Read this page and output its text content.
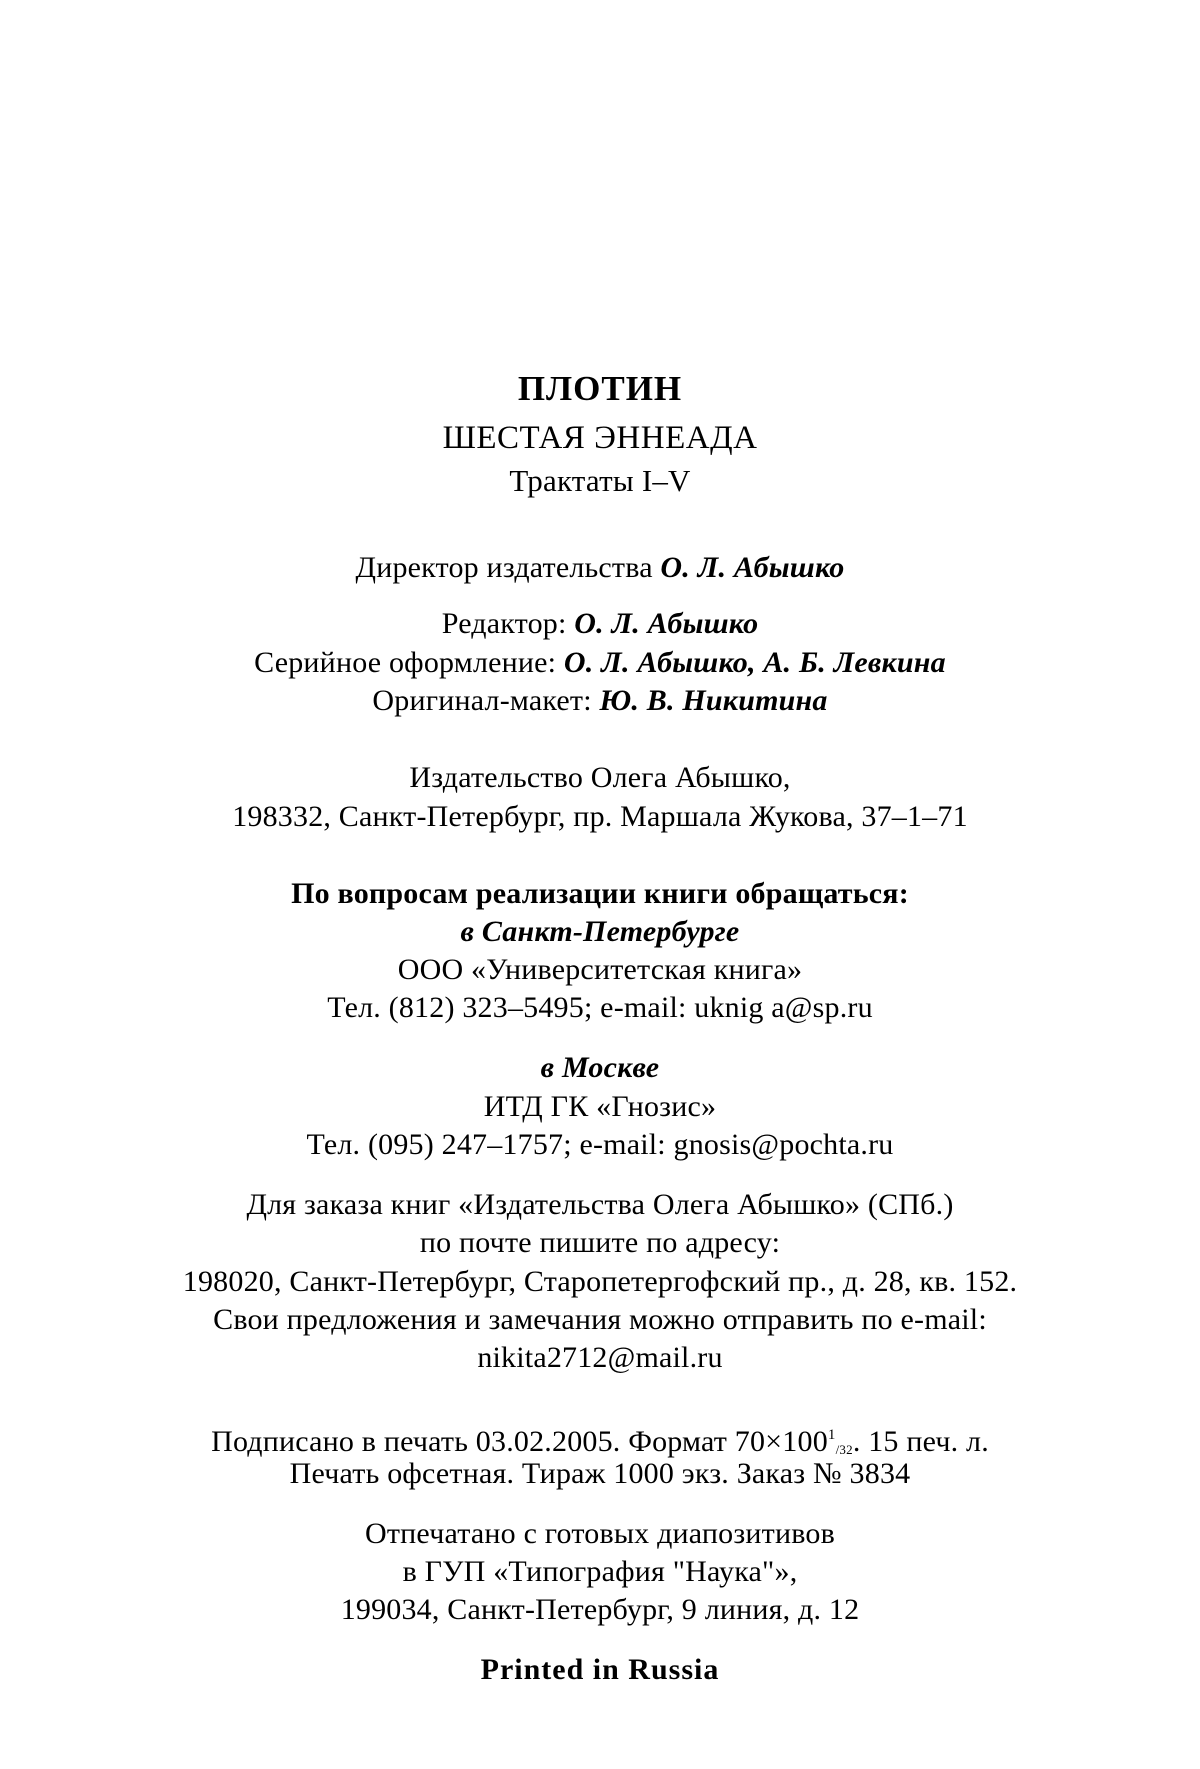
ПЛОТИН
ШЕСТАЯ ЭННЕАДА
Трактаты I–V
Директор издательства О. Л. Абышко
Редактор: О. Л. Абышко
Серийное оформление: О. Л. Абышко, А. Б. Левкина
Оригинал-макет: Ю. В. Никитина
Издательство Олега Абышко,
198332, Санкт-Петербург, пр. Маршала Жукова, 37–1–71
По вопросам реализации книги обращаться:
в Санкт-Петербурге
ООО «Университетская книга»
Тел. (812) 323–5495; e-mail: uknig a@sp.ru
в Москве
ИТД ГК «Гнозис»
Тел. (095) 247–1757; e-mail: gnosis@pochta.ru
Для заказа книг «Издательства Олега Абышко» (СПб.)
по почте пишите по адресу:
198020, Санкт-Петербург, Старопетергофский пр., д. 28, кв. 152.
Свои предложения и замечания можно отправить по e-mail:
nikita2712@mail.ru
Подписано в печать 03.02.2005. Формат $70\times 100^1/32$. 15 печ. л.
Печать офсетная. Тираж 1000 экз. Заказ № 3834
Отпечатано с готовых диапозитивов
в ГУП «Типография "Наука"»,
199034, Санкт-Петербург, 9 линия, д. 12
Printed in Russia
